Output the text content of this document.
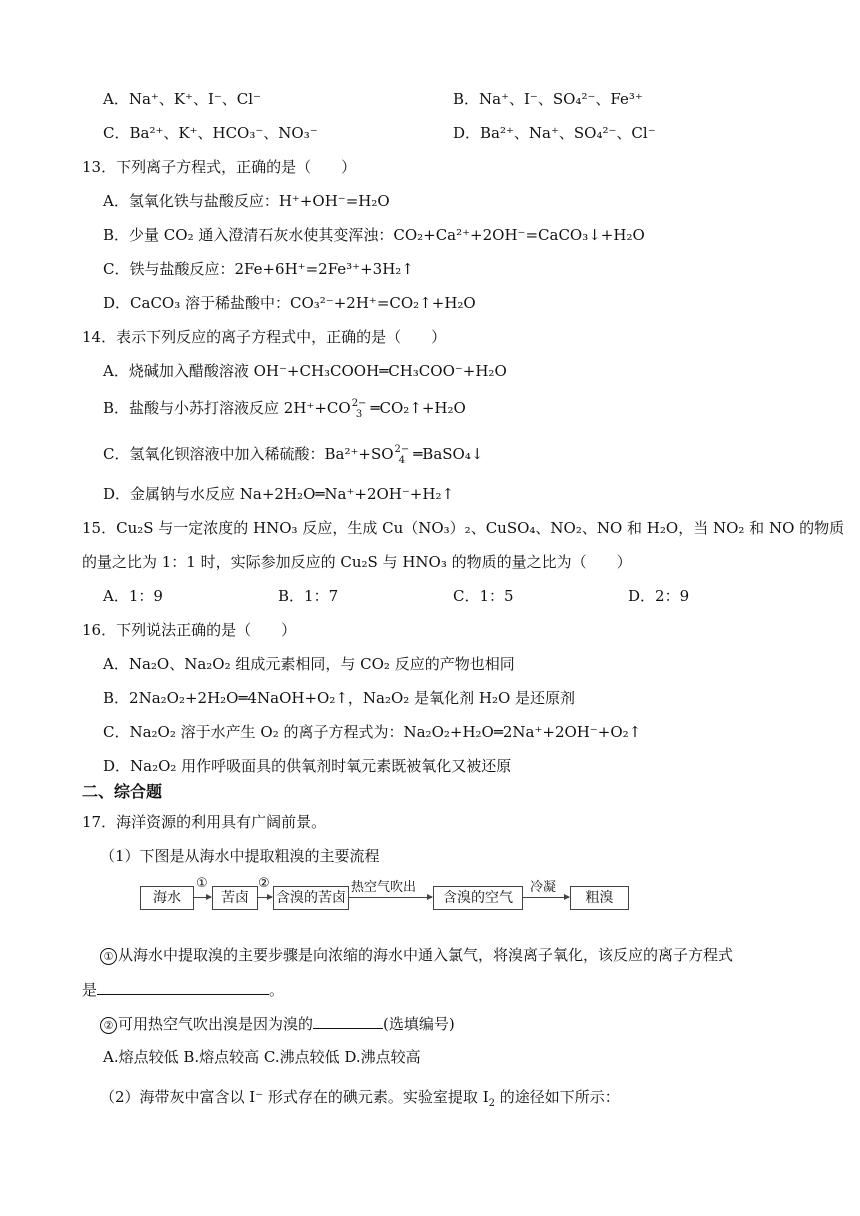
A．Na⁺、K⁺、I⁻、Cl⁻	B．Na⁺、I⁻、SO₄²⁻、Fe³⁺
C．Ba²⁺、K⁺、HCO₃⁻、NO₃⁻	D．Ba²⁺、Na⁺、SO₄²⁻、Cl⁻
13．下列离子方程式，正确的是（　　）
A．氢氧化铁与盐酸反应：H⁺+OH⁻=H₂O
B．少量 CO₂ 通入澄清石灰水使其变浑浊：CO₂+Ca²⁺+2OH⁻=CaCO₃↓+H₂O
C．铁与盐酸反应：2Fe+6H⁺=2Fe³⁺+3H₂↑
D．CaCO₃ 溶于稀盐酸中：CO₃²⁻+2H⁺=CO₂↑+H₂O
14．表示下列反应的离子方程式中，正确的是（　　）
A．烧碱加入醋酸溶液 OH⁻+CH₃COOH═CH₃COO⁻+H₂O
B．盐酸与小苏打溶液反应 2H⁺+CO 2−
3 ═CO₂↑+H₂O
C．氢氧化钡溶液中加入稀硫酸：Ba²⁺+SO 2−
4 ═BaSO₄↓
D．金属钠与水反应 Na+2H₂O═Na⁺+2OH⁻+H₂↑
15．Cu₂S 与一定浓度的 HNO₃ 反应，生成 Cu（NO₃）₂、CuSO₄、NO₂、NO 和 H₂O，当 NO₂ 和 NO 的物质
的量之比为 1：1 时，实际参加反应的 Cu₂S 与 HNO₃ 的物质的量之比为（　　）
A．1：9	B．1：7	C．1：5	D．2：9
16．下列说法正确的是（　　）
A．Na₂O、Na₂O₂ 组成元素相同，与 CO₂ 反应的产物也相同
B．2Na₂O₂+2H₂O═4NaOH+O₂↑，Na₂O₂ 是氧化剂 H₂O 是还原剂
C．Na₂O₂ 溶于水产生 O₂ 的离子方程式为：Na₂O₂+H₂O═2Na⁺+2OH⁻+O₂↑
D．Na₂O₂ 用作呼吸面具的供氧剂时氧元素既被氧化又被还原
二、综合题
17．海洋资源的利用具有广阔前景。
（1）下图是从海水中提取粗溴的主要流程
海水
①
苦卤
②
含溴的苦卤
热空气吹出
含溴的空气
冷凝
粗溴
① 从海水中提取溴的主要步骤是向浓缩的海水中通入氯气，将溴离子氧化，该反应的离子方程式
是	。
② 可用热空气吹出溴是因为溴的	(选填编号)
A.熔点较低 B.熔点较高 C.沸点较低 D.沸点较高
（2）海带灰中富含以 I⁻ 形式存在的碘元素。实验室提取 $I_2$ 的途径如下所示：
